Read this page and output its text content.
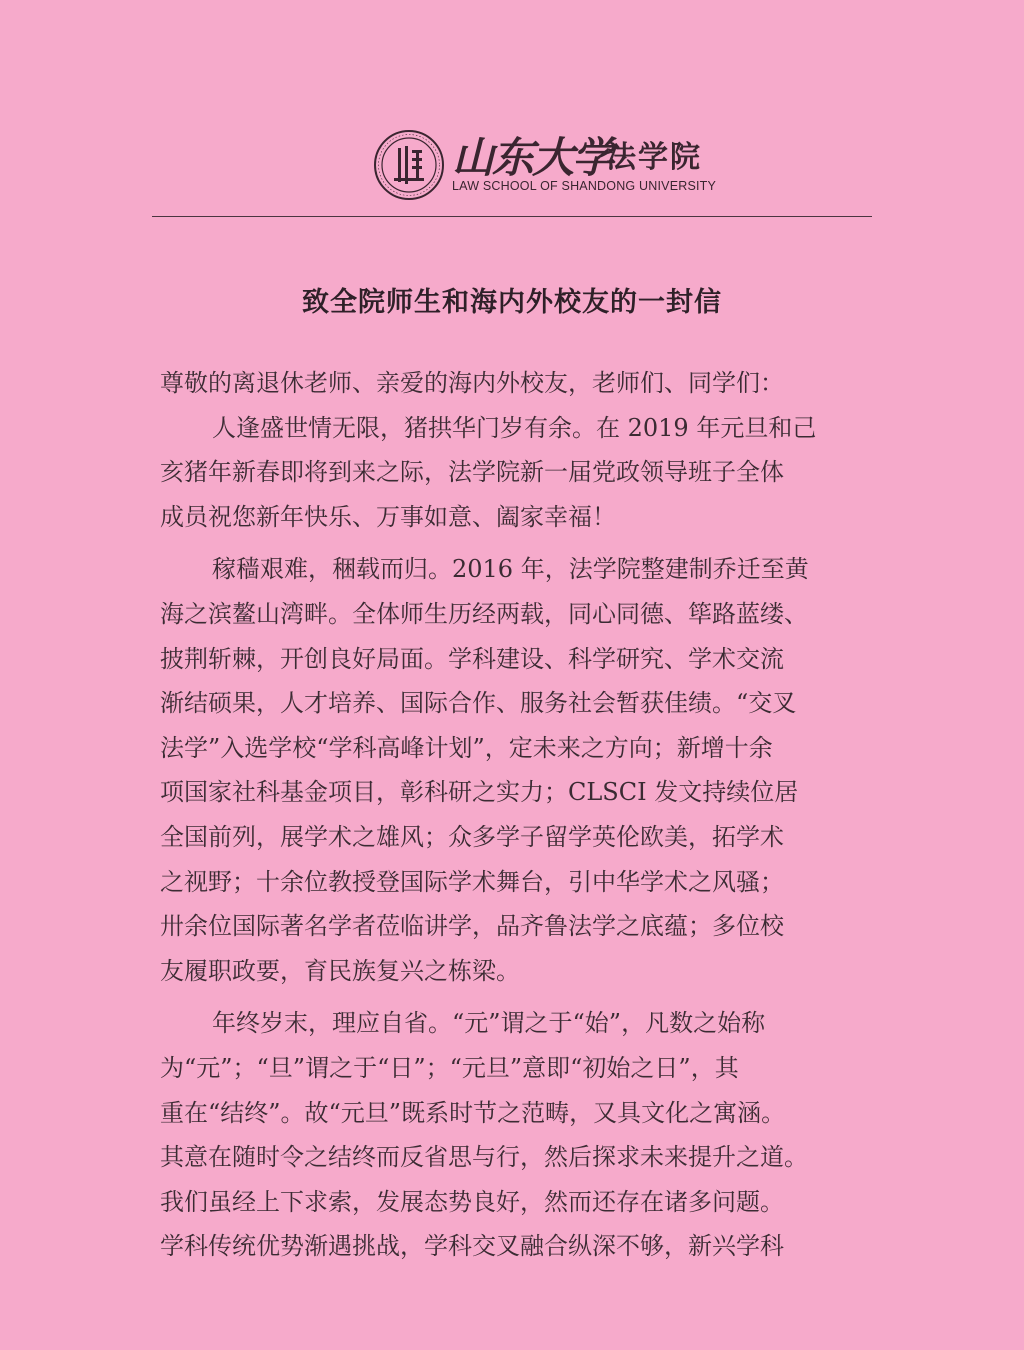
山东大学
法学院
LAW SCHOOL OF SHANDONG UNIVERSITY
致全院师生和海内外校友的一封信
尊敬的离退休老师、亲爱的海内外校友，老师们、同学们：
人逢盛世情无限，猪拱华门岁有余。在 2019 年元旦和己
亥猪年新春即将到来之际，法学院新一届党政领导班子全体
成员祝您新年快乐、万事如意、阖家幸福！
稼穑艰难，稇载而归。2016 年，法学院整建制乔迁至黄
海之滨鳌山湾畔。全体师生历经两载，同心同德、筚路蓝缕、
披荆斩棘，开创良好局面。学科建设、科学研究、学术交流
渐结硕果，人才培养、国际合作、服务社会暂获佳绩。“交叉
法学”入选学校“学科高峰计划”，定未来之方向；新增十余
项国家社科基金项目，彰科研之实力；CLSCI 发文持续位居
全国前列，展学术之雄风；众多学子留学英伦欧美，拓学术
之视野；十余位教授登国际学术舞台，引中华学术之风骚；
卅余位国际著名学者莅临讲学，品齐鲁法学之底蕴；多位校
友履职政要，育民族复兴之栋梁。
年终岁末，理应自省。“元”谓之于“始”，凡数之始称
为“元”；“旦”谓之于“日”；“元旦”意即“初始之日”，其
重在“结终”。故“元旦”既系时节之范畴，又具文化之寓涵。
其意在随时令之结终而反省思与行，然后探求未来提升之道。
我们虽经上下求索，发展态势良好，然而还存在诸多问题。
学科传统优势渐遇挑战，学科交叉融合纵深不够，新兴学科
